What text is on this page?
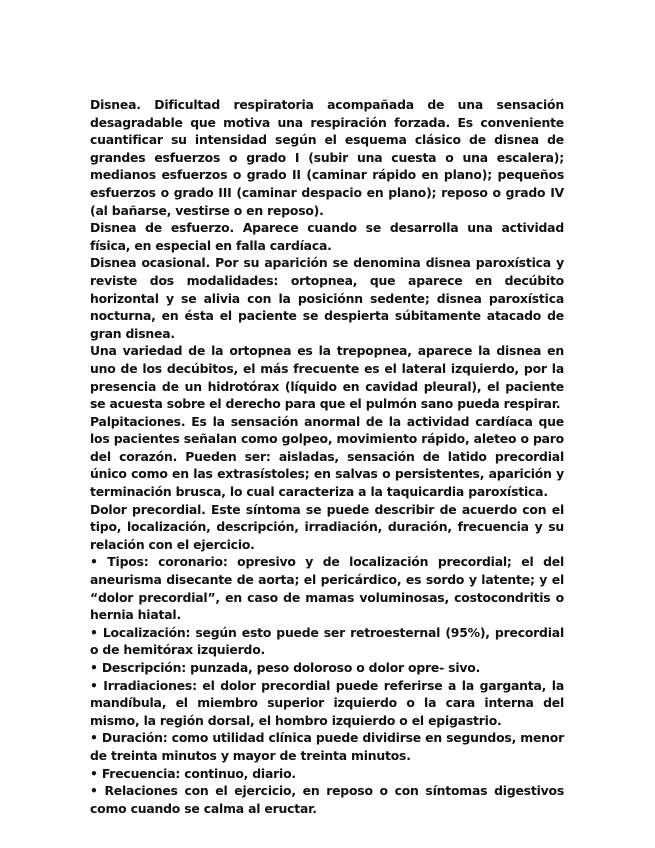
Disnea. Dificultad respiratoria acompañada de una sensación desagradable que motiva una respiración forzada. Es conveniente cuantificar su intensidad según el esquema clásico de disnea de grandes esfuerzos o grado I (subir una cuesta o una escalera); medianos esfuerzos o grado II (caminar rápido en plano); pequeños esfuerzos o grado III (caminar despacio en plano); reposo o grado IV (al bañarse, vestirse o en reposo).

Disnea de esfuerzo. Aparece cuando se desarrolla una actividad física, en especial en falla cardíaca.

Disnea ocasional. Por su aparición se denomina disnea paroxística y reviste dos modalidades: ortopnea, que aparece en decúbito horizontal y se alivia con la posiciónn sedente; disnea paroxística nocturna, en ésta el paciente se despierta súbitamente atacado de gran disnea.

Una variedad de la ortopnea es la trepopnea, aparece la disnea en uno de los decúbitos, el más frecuente es el lateral izquierdo, por la presencia de un hidrotórax (líquido en cavidad pleural), el paciente se acuesta sobre el derecho para que el pulmón sano pueda respirar.

Palpitaciones. Es la sensación anormal de la actividad cardíaca que los pacientes señalan como golpeo, movimiento rápido, aleteo o paro del corazón. Pueden ser: aisladas, sensación de latido precordial único como en las extrasístoles; en salvas o persistentes, aparición y terminación brusca, lo cual caracteriza a la taquicardia paroxística.

Dolor precordial. Este síntoma se puede describir de acuerdo con el tipo, localización, descripción, irradiación, duración, frecuencia y su relación con el ejercicio.

• Tipos: coronario: opresivo y de localización precordial; el del aneurisma disecante de aorta; el pericárdico, es sordo y latente; y el “dolor precordial”, en caso de mamas voluminosas, costocondritis o hernia hiatal.

• Localización: según esto puede ser retroesternal (95%), precordial o de hemitórax izquierdo.

• Descripción: punzada, peso doloroso o dolor opre- sivo.

• Irradiaciones: el dolor precordial puede referirse a la garganta, la mandíbula, el miembro superior izquierdo o la cara interna del mismo, la región dorsal, el hombro izquierdo o el epigastrio.

• Duración: como utilidad clínica puede dividirse en segundos, menor de treinta minutos y mayor de treinta minutos.

• Frecuencia: continuo, diario.

• Relaciones con el ejercicio, en reposo o con síntomas digestivos como cuando se calma al eructar.
